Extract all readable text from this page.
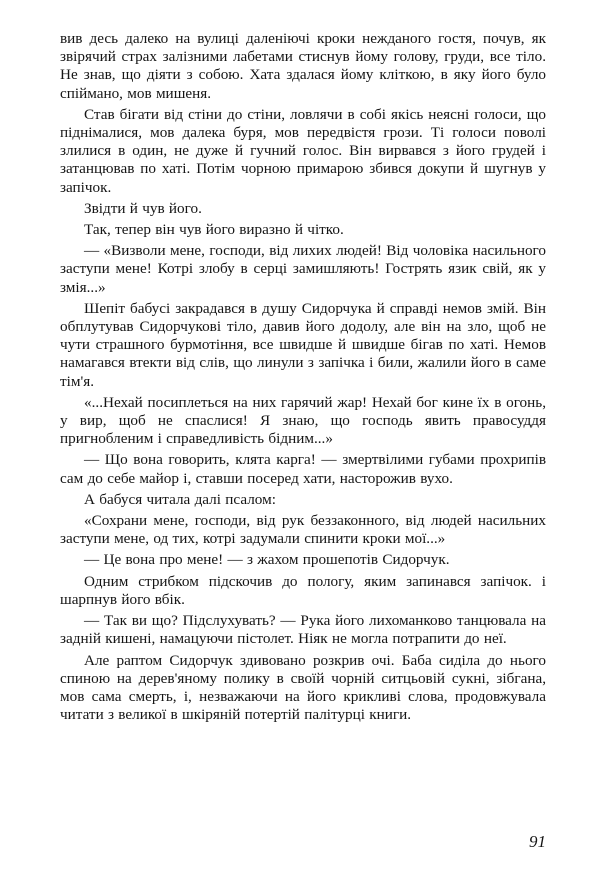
вив десь далеко на вулиці даленіючі кроки нежданого гостя, почув, як звірячий страх залізними лабетами стиснув йому голову, груди, все тіло. Не знав, що діяти з собою. Хата здалася йому кліткою, в яку його було спіймано, мов мишеня.

Став бігати від стіни до стіни, ловлячи в собі якісь неясні голоси, що піднімалися, мов далека буря, мов передвістя грози. Ті голоси поволі злилися в один, не дуже й гучний голос. Він вирвався з його грудей і затанцював по хаті. Потім чорною примарою збився докупи й шугнув у запічок.

Звідти й чув його.

Так, тепер він чув його виразно й чітко.

— «Визволи мене, господи, від лихих людей! Від чоловіка насильного заступи мене! Котрі злобу в серці замишляють! Гострять язик свій, як у змія...»

Шепіт бабусі закрадався в душу Сидорчука й справді немов змій. Він обплутував Сидорчукові тіло, давив його додолу, але він на зло, щоб не чути страшного бурмотіння, все швидше й швидше бігав по хаті. Немов намагався втекти від слів, що линули з запічка і били, жалили його в саме тім'я.

«...Нехай посиплеться на них гарячий жар! Нехай бог кине їх в огонь, у вир, щоб не спаслися! Я знаю, що господь явить правосуддя пригнобленим і справедливість бідним...»

— Що вона говорить, клята карга! — змертвілими губами прохрипів сам до себе майор і, ставши посеред хати, насторожив вухо.

А бабуся читала далі псалом:

«Сохрани мене, господи, від рук беззаконного, від людей насильних заступи мене, од тих, котрі задумали спинити кроки мої...»

— Це вона про мене! — з жахом прошепотів Сидорчук.

Одним стрибком підскочив до пологу, яким запинався запічок. і шарпнув його вбік.

— Так ви що? Підслухувать? — Рука його лихоманково танцювала на задній кишені, намацуючи пістолет. Ніяк не могла потрапити до неї.

Але раптом Сидорчук здивовано розкрив очі. Баба сиділа до нього спиною на дерев'яному полику в своїй чорній ситцьовій сукні, зібгана, мов сама смерть, і, незважаючи на його крикливі слова, продовжувала читати з великої в шкіряній потертій палітурці книги.

91
